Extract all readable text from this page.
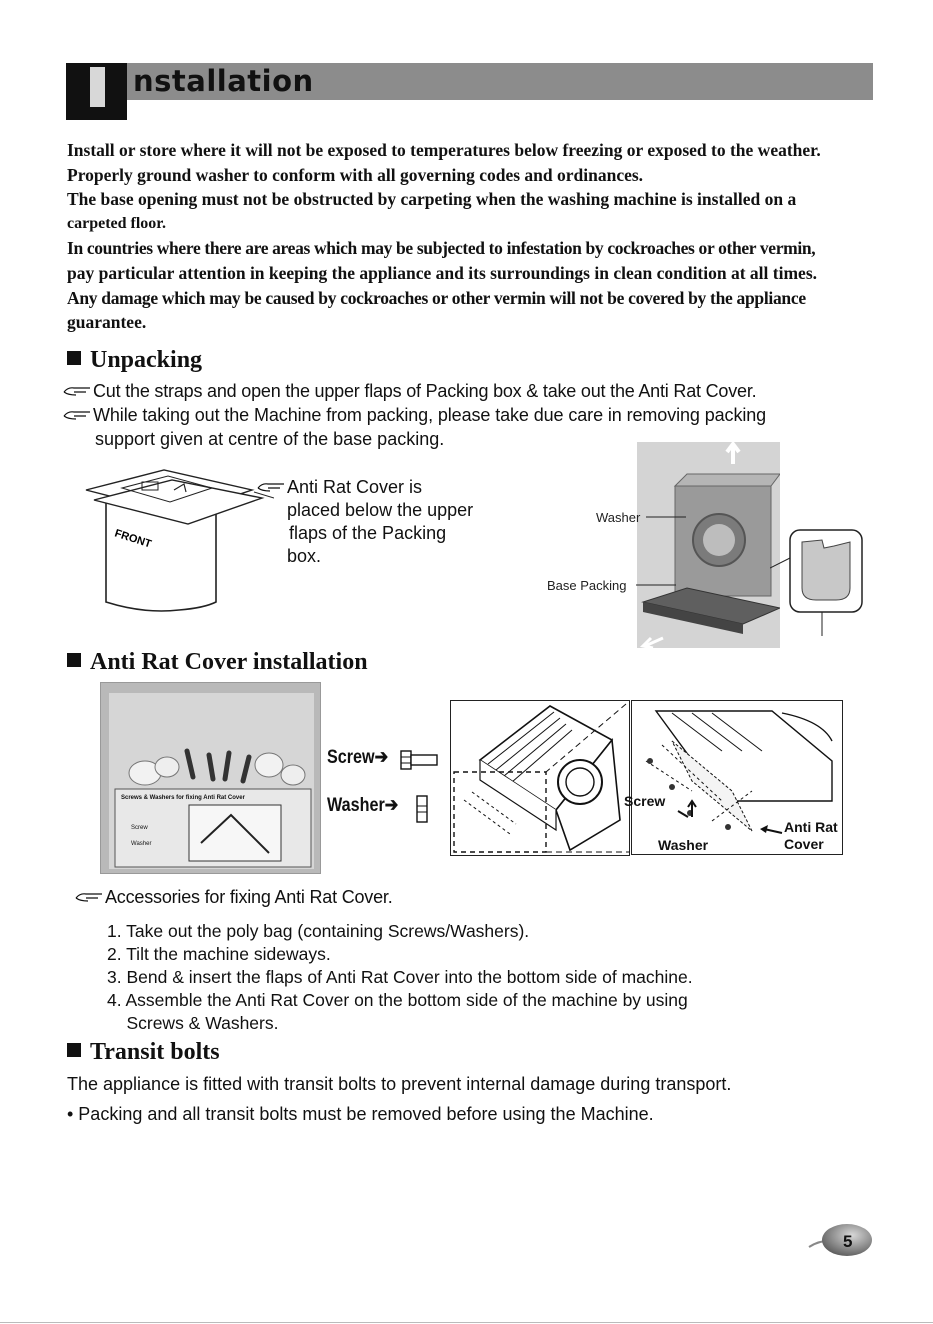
nstallation

Install or store where it will not be exposed to temperatures below freezing or exposed to the weather.

Properly ground washer to conform with all governing codes and ordinances.

The base opening must not be obstructed by carpeting when the washing machine is installed on a

carpeted floor.

In countries where there are areas which may be subjected to infestation by cockroaches or other vermin,

pay particular attention in keeping the appliance and its surroundings in clean condition at all times.

Any damage which may be caused by cockroaches or other vermin will not be covered by the appliance

guarantee.

Unpacking
Cut the straps and open the upper flaps of Packing box & take out the Anti Rat Cover.
While taking out the Machine from packing, please take due care in removing packing
support given at centre of the base packing.
FRONT

Anti Rat Cover is

placed below the upper

flaps of the Packing

box.

Washer
Base Packing
Anti Rat Cover installation
Screws & Washers for fixing Anti Rat Cover
Screw
Washer
Screw➔
Washer➔	Screw
Washer
Anti Rat
Cover
Accessories for fixing Anti Rat Cover.

1. Take out the poly bag (containing Screws/Washers).

2. Tilt the machine sideways.

3. Bend & insert the flaps of Anti Rat Cover into the bottom side of machine.

4. Assemble the Anti Rat Cover on the bottom side of the machine by using

Screws & Washers.

Transit bolts
The appliance is fitted with transit bolts to prevent internal damage during transport.
• Packing and all transit bolts must be removed before using the Machine.
5
